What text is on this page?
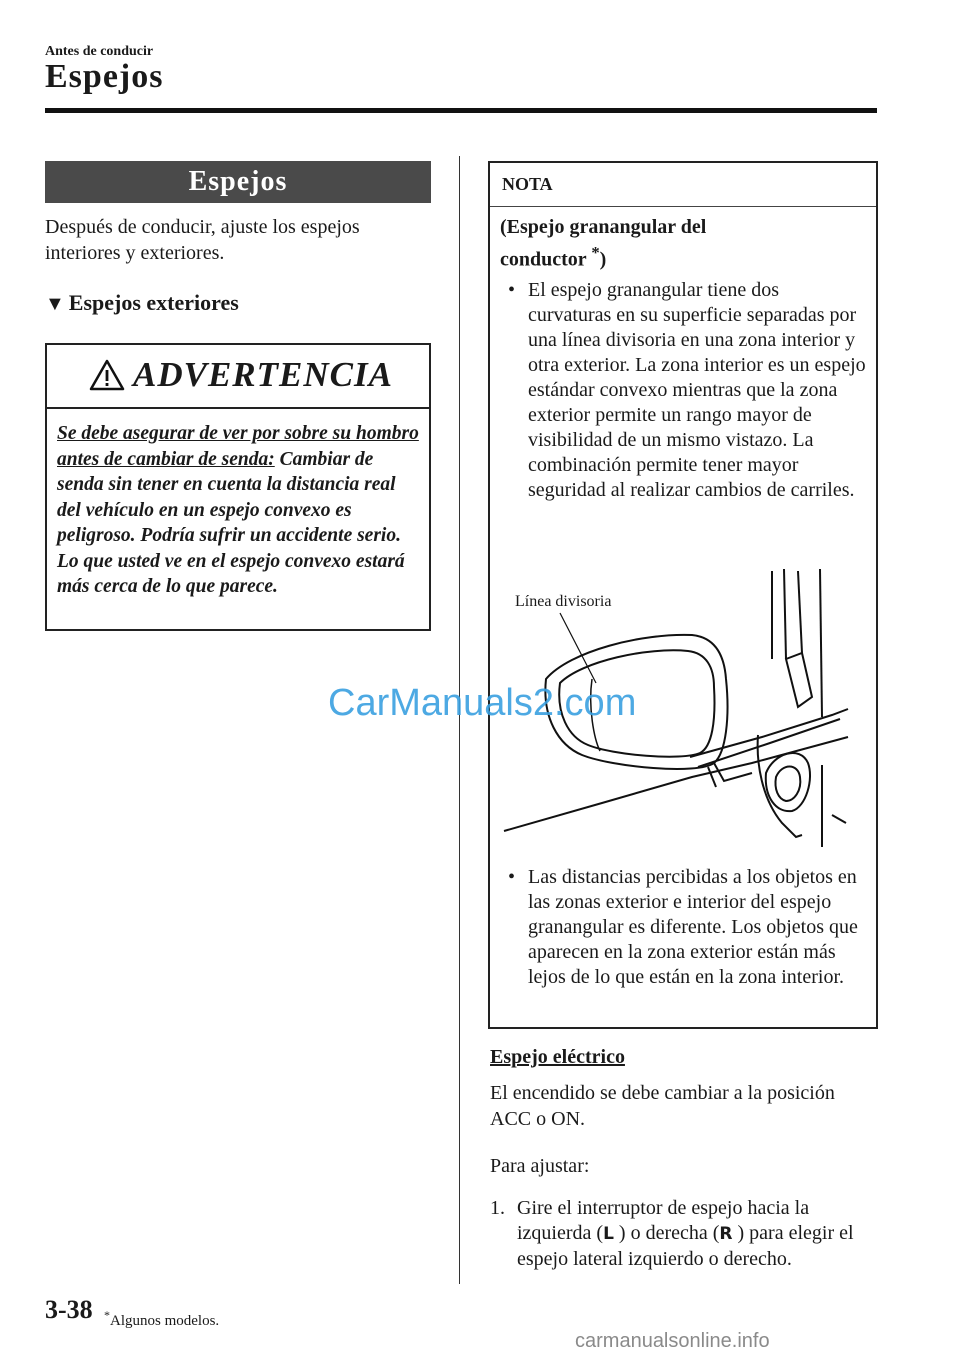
Antes de conducir
Espejos
Espejos
Después de conducir, ajuste los espejos interiores y exteriores.
▼ Espejos exteriores
ADVERTENCIA
Se debe asegurar de ver por sobre su hombro antes de cambiar de senda: Cambiar de senda sin tener en cuenta la distancia real del vehículo en un espejo convexo es peligroso. Podría sufrir un accidente serio. Lo que usted ve en el espejo convexo estará más cerca de lo que parece.
NOTA
(Espejo granangular del
conductor *)
• El espejo granangular tiene dos curvaturas en su superficie separadas por una línea divisoria en una zona interior y otra exterior. La zona interior es un espejo estándar convexo mientras que la zona exterior permite un rango mayor de visibilidad de un mismo vistazo. La combinación permite tener mayor seguridad al realizar cambios de carriles.
Línea divisoria
• Las distancias percibidas a los objetos en las zonas exterior e interior del espejo granangular es diferente. Los objetos que aparecen en la zona exterior están más lejos de lo que están en la zona interior.
Espejo eléctrico
El encendido se debe cambiar a la posición ACC o ON.
Para ajustar:
1. Gire el interruptor de espejo hacia la izquierda (L ) o derecha (R ) para elegir el espejo lateral izquierdo o derecho.
3-38 *Algunos modelos.
CarManuals2.com
carmanualsonline.info
